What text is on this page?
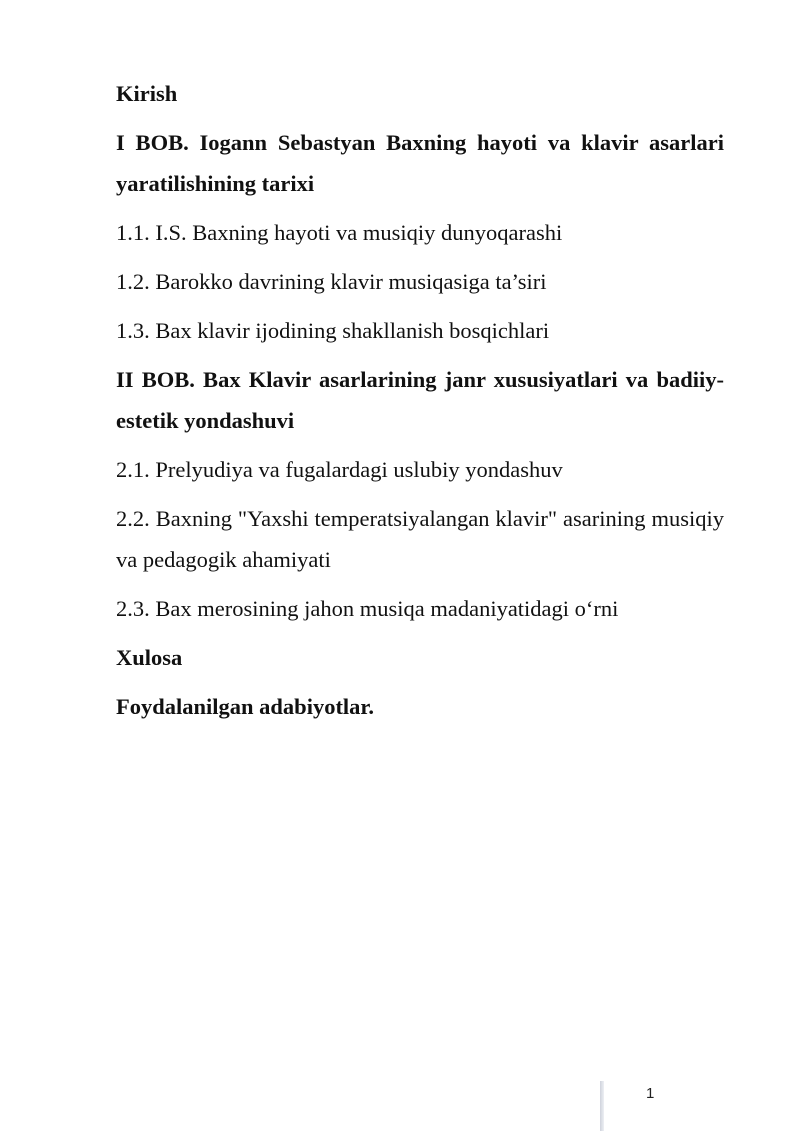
Kirish

I BOB. Iogann Sebastyan Baxning hayoti va klavir asarlari yaratilishining tarixi

1.1. I.S. Baxning hayoti va musiqiy dunyoqarashi

1.2. Barokko davrining klavir musiqasiga ta’siri

1.3. Bax klavir ijodining shakllanish bosqichlari

II BOB. Bax Klavir asarlarining janr xususiyatlari va badiiy-estetik yondashuvi

2.1. Prelyudiya va fugalardagi uslubiy yondashuv

2.2. Baxning "Yaxshi temperatsiyalangan klavir" asarining musiqiy va pedagogik ahamiyati

2.3. Bax merosining jahon musiqa madaniyatidagi o‘rni

Xulosa

Foydalanilgan adabiyotlar.

1
